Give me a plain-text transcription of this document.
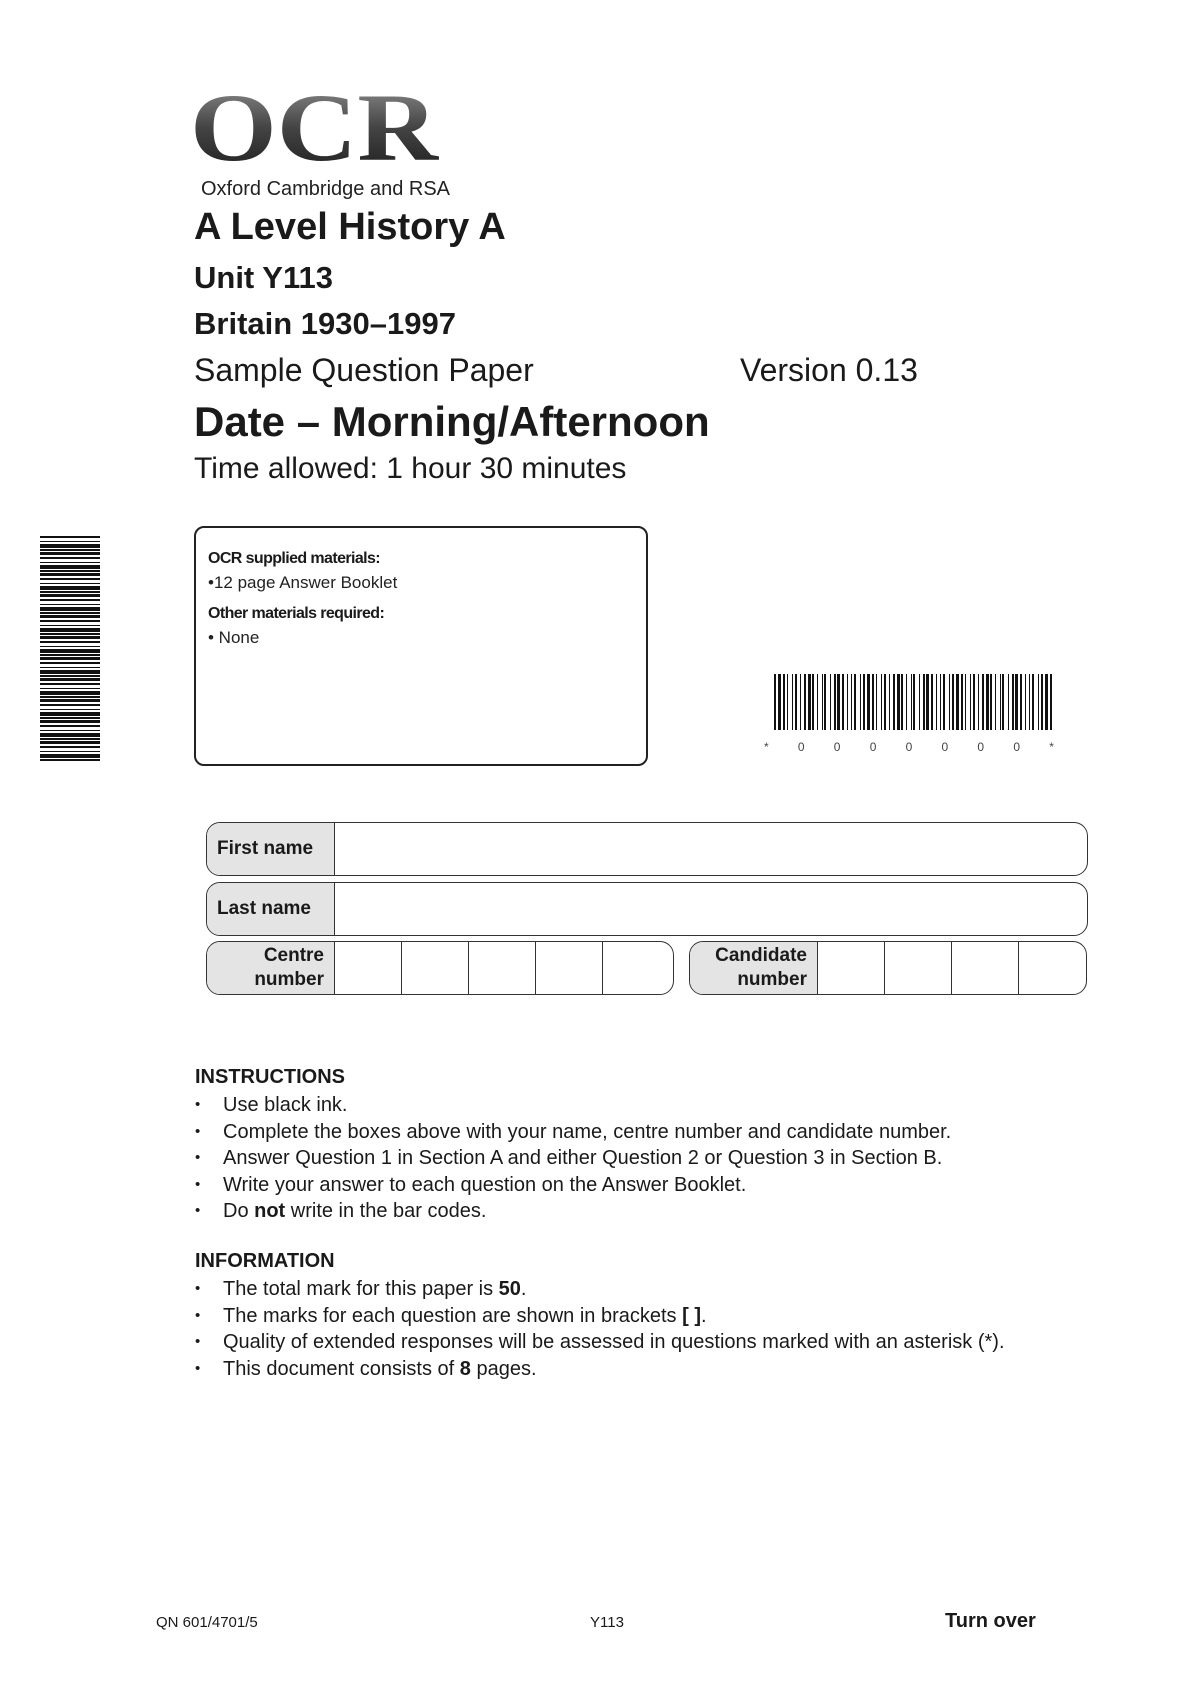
OCR
Oxford Cambridge and RSA
A Level History A
Unit Y113
Britain 1930–1997
Sample Question Paper	Version 0.13
Date – Morning/Afternoon
Time allowed: 1 hour 30 minutes
OCR supplied materials:
•12 page Answer Booklet
Other materials required:
• None
* 0 0 0 0 0 0 0 *
First name
Last name
Centre
number
Candidate
number
INSTRUCTIONS
• Use black ink.
• Complete the boxes above with your name, centre number and candidate number.
• Answer Question 1 in Section A and either Question 2 or Question 3 in Section B.
• Write your answer to each question on the Answer Booklet.
• Do not write in the bar codes.
INFORMATION
• The total mark for this paper is 50.
• The marks for each question are shown in brackets [ ].
• Quality of extended responses will be assessed in questions marked with an asterisk (*).
• This document consists of 8 pages.
QN 601/4701/5	Y113	Turn over
